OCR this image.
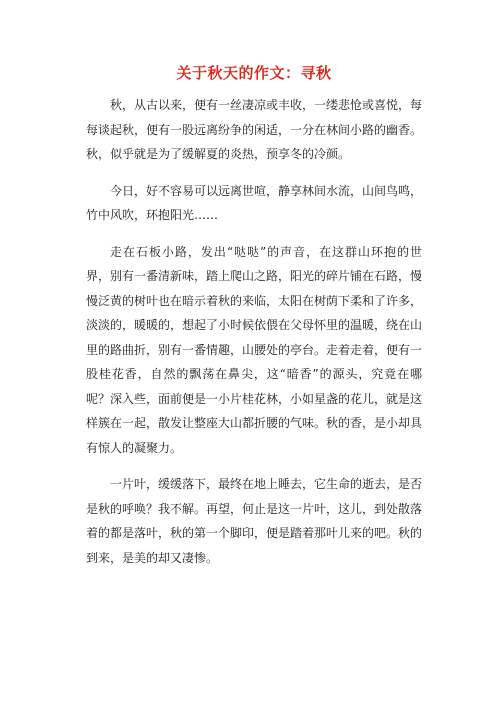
关于秋天的作文：寻秋

秋，从古以来，便有一丝凄凉或丰收，一缕悲怆或喜悦，每每谈起秋，便有一股远离纷争的闲适，一分在林间小路的幽香。秋，似乎就是为了缓解夏的炎热，预享冬的冷颜。

今日，好不容易可以远离世喧，静享林间水流，山间鸟鸣，竹中风吹，环抱阳光……

走在石板小路，发出“哒哒”的声音，在这群山环抱的世界，别有一番清新味，踏上爬山之路，阳光的碎片铺在石路，慢慢泛黄的树叶也在暗示着秋的来临，太阳在树荫下柔和了许多，淡淡的，暖暖的，想起了小时候依偎在父母怀里的温暖，绕在山里的路曲折，别有一番情趣，山腰处的亭台。走着走着，便有一股桂花香，自然的飘荡在鼻尖，这“暗香”的源头，究竟在哪呢？深入些，面前便是一小片桂花林，小如星盏的花儿，就是这样簇在一起，散发让整座大山都折腰的气味。秋的香，是小却具有惊人的凝聚力。

一片叶，缓缓落下，最终在地上睡去，它生命的逝去，是否是秋的呼唤？我不解。再望，何止是这一片叶，这儿，到处散落着的都是落叶，秋的第一个脚印，便是踏着那叶儿来的吧。秋的到来，是美的却又凄惨。
